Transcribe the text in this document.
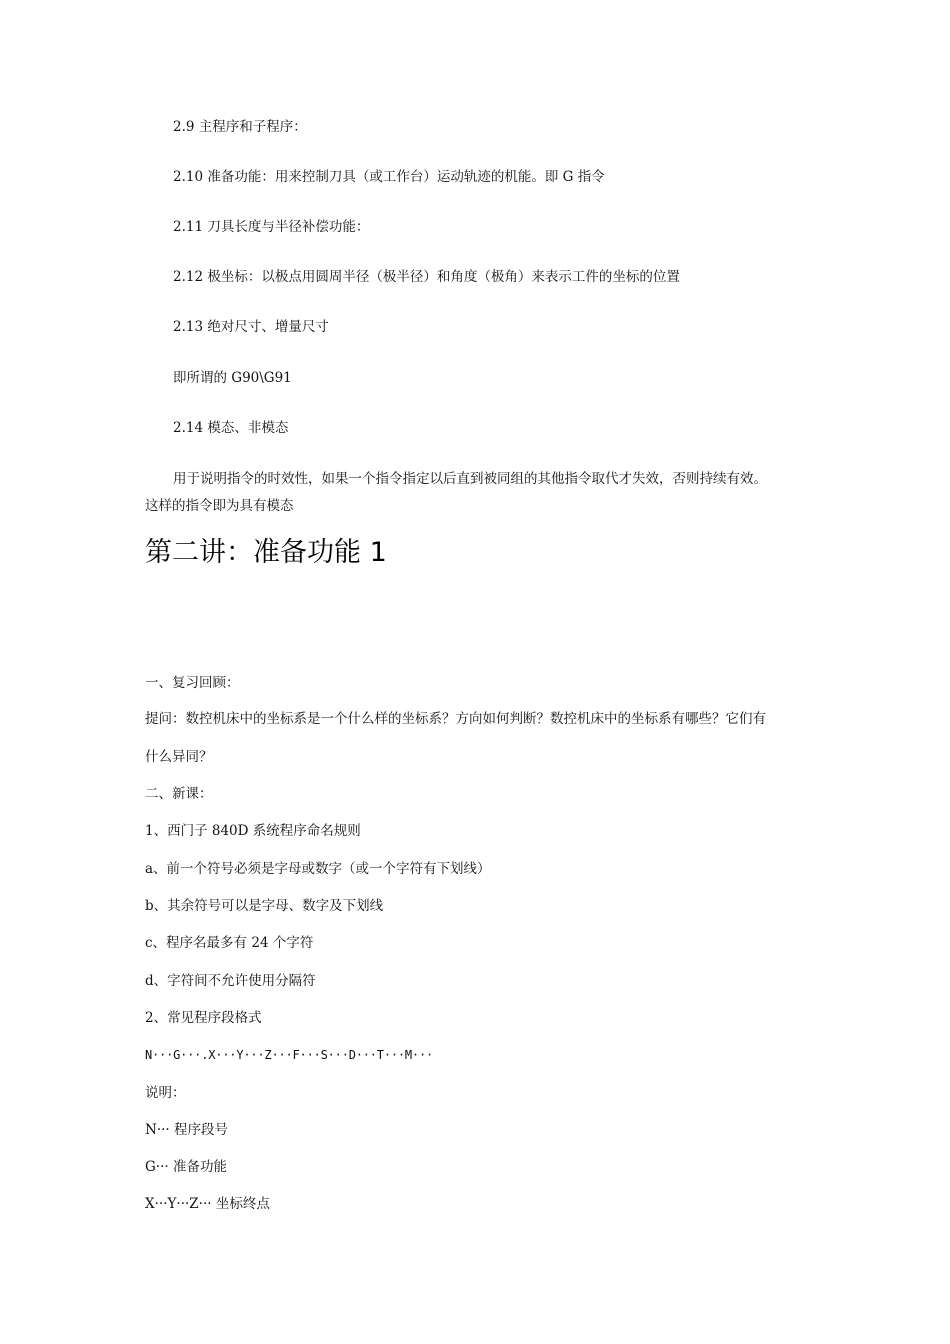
2.9 主程序和子程序：
2.10 准备功能：用来控制刀具（或工作台）运动轨迹的机能。即 G 指令
2.11 刀具长度与半径补偿功能：
2.12 极坐标：以极点用圆周半径（极半径）和角度（极角）来表示工件的坐标的位置
2.13 绝对尺寸、增量尺寸
即所谓的 G90\G91
2.14 模态、非模态
用于说明指令的时效性，如果一个指令指定以后直到被同组的其他指令取代才失效，否则持续有效。
这样的指令即为具有模态
第二讲：准备功能 1
一、复习回顾：
提问：数控机床中的坐标系是一个什么样的坐标系？方向如何判断？数控机床中的坐标系有哪些？它们有
什么异同？
二、新课：
1、西门子 840D 系统程序命名规则
a、前一个符号必须是字母或数字（或一个字符有下划线）
b、其余符号可以是字母、数字及下划线
c、程序名最多有 24 个字符
d、字符间不允许使用分隔符
2、常见程序段格式
N···G···.X···Y···Z···F···S···D···T···M···
说明：
N··· 程序段号
G··· 准备功能
X···Y···Z··· 坐标终点
